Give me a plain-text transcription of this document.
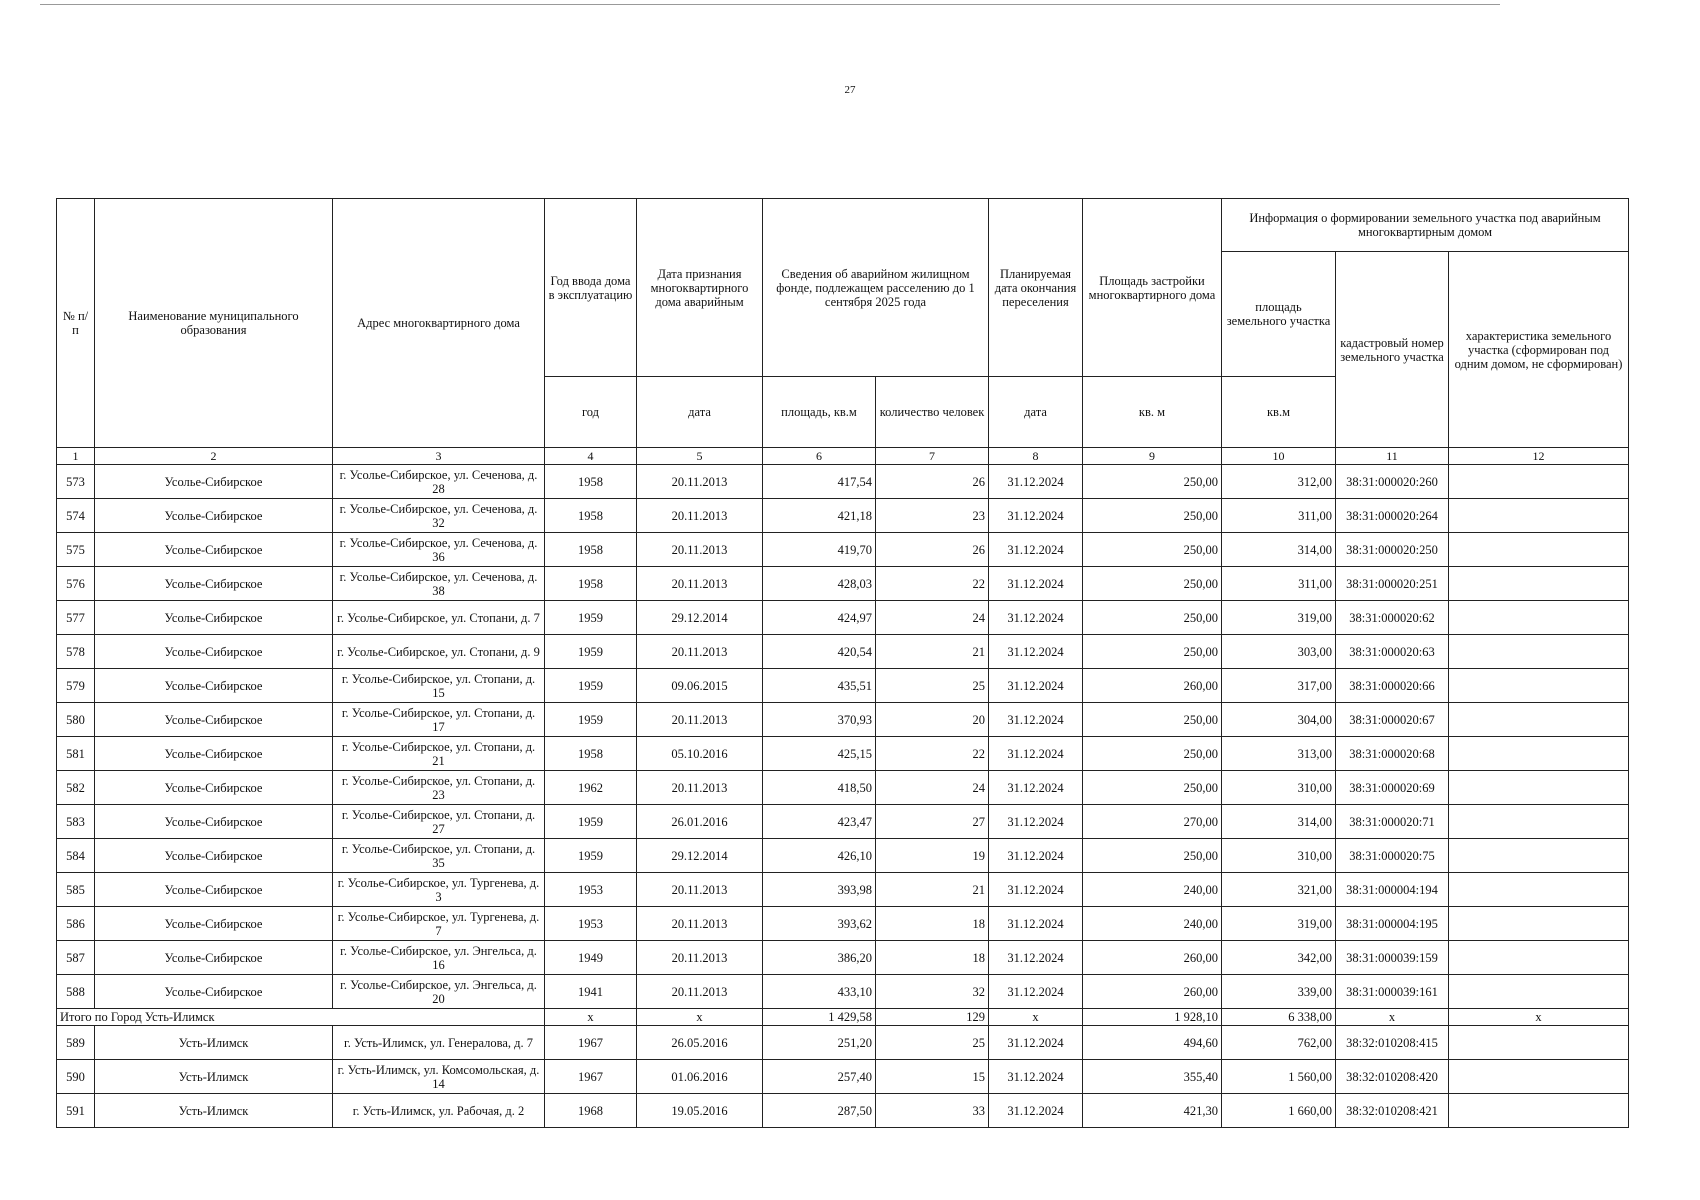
27
№ п/п	Наименование муниципального образования	Адрес многоквартирного дома	Год ввода дома в эксплуатацию	Дата признания многоквартирного дома аварийным	Сведения об аварийном жилищном фонде, подлежащем расселению до 1 сентября 2025 года		Планируемая дата окончания переселения	Площадь застройки многоквартирного дома	Информация о формировании земельного участка под аварийным многоквартирным домом		
									площадь земельного участка	кадастровый номер земельного участка	характеристика земельного участка (сформирован под одним домом, не сформирован)
			год	дата	площадь, кв.м	количество человек	дата	кв. м	кв.м		
1	2	3	4	5	6	7	8	9	10	11	12
573	Усолье-Сибирское	г. Усолье-Сибирское, ул. Сеченова, д. 28	1958	20.11.2013	417,54	26	31.12.2024	250,00	312,00	38:31:000020:260	
574	Усолье-Сибирское	г. Усолье-Сибирское, ул. Сеченова, д. 32	1958	20.11.2013	421,18	23	31.12.2024	250,00	311,00	38:31:000020:264	
575	Усолье-Сибирское	г. Усолье-Сибирское, ул. Сеченова, д. 36	1958	20.11.2013	419,70	26	31.12.2024	250,00	314,00	38:31:000020:250	
576	Усолье-Сибирское	г. Усолье-Сибирское, ул. Сеченова, д. 38	1958	20.11.2013	428,03	22	31.12.2024	250,00	311,00	38:31:000020:251	
577	Усолье-Сибирское	г. Усолье-Сибирское, ул. Стопани, д. 7	1959	29.12.2014	424,97	24	31.12.2024	250,00	319,00	38:31:000020:62	
578	Усолье-Сибирское	г. Усолье-Сибирское, ул. Стопани, д. 9	1959	20.11.2013	420,54	21	31.12.2024	250,00	303,00	38:31:000020:63	
579	Усолье-Сибирское	г. Усолье-Сибирское, ул. Стопани, д. 15	1959	09.06.2015	435,51	25	31.12.2024	260,00	317,00	38:31:000020:66	
580	Усолье-Сибирское	г. Усолье-Сибирское, ул. Стопани, д. 17	1959	20.11.2013	370,93	20	31.12.2024	250,00	304,00	38:31:000020:67	
581	Усолье-Сибирское	г. Усолье-Сибирское, ул. Стопани, д. 21	1958	05.10.2016	425,15	22	31.12.2024	250,00	313,00	38:31:000020:68	
582	Усолье-Сибирское	г. Усолье-Сибирское, ул. Стопани, д. 23	1962	20.11.2013	418,50	24	31.12.2024	250,00	310,00	38:31:000020:69	
583	Усолье-Сибирское	г. Усолье-Сибирское, ул. Стопани, д. 27	1959	26.01.2016	423,47	27	31.12.2024	270,00	314,00	38:31:000020:71	
584	Усолье-Сибирское	г. Усолье-Сибирское, ул. Стопани, д. 35	1959	29.12.2014	426,10	19	31.12.2024	250,00	310,00	38:31:000020:75	
585	Усолье-Сибирское	г. Усолье-Сибирское, ул. Тургенева, д. 3	1953	20.11.2013	393,98	21	31.12.2024	240,00	321,00	38:31:000004:194	
586	Усолье-Сибирское	г. Усолье-Сибирское, ул. Тургенева, д. 7	1953	20.11.2013	393,62	18	31.12.2024	240,00	319,00	38:31:000004:195	
587	Усолье-Сибирское	г. Усолье-Сибирское, ул. Энгельса, д. 16	1949	20.11.2013	386,20	18	31.12.2024	260,00	342,00	38:31:000039:159	
588	Усолье-Сибирское	г. Усолье-Сибирское, ул. Энгельса, д. 20	1941	20.11.2013	433,10	32	31.12.2024	260,00	339,00	38:31:000039:161	
Итого по Город Усть-Илимск			x	x	1 429,58	129	x	1 928,10	6 338,00	x	x
589	Усть-Илимск	г. Усть-Илимск, ул. Генералова, д. 7	1967	26.05.2016	251,20	25	31.12.2024	494,60	762,00	38:32:010208:415	
590	Усть-Илимск	г. Усть-Илимск, ул. Комсомольская, д. 14	1967	01.06.2016	257,40	15	31.12.2024	355,40	1 560,00	38:32:010208:420	
591	Усть-Илимск	г. Усть-Илимск, ул. Рабочая, д. 2	1968	19.05.2016	287,50	33	31.12.2024	421,30	1 660,00	38:32:010208:421	
